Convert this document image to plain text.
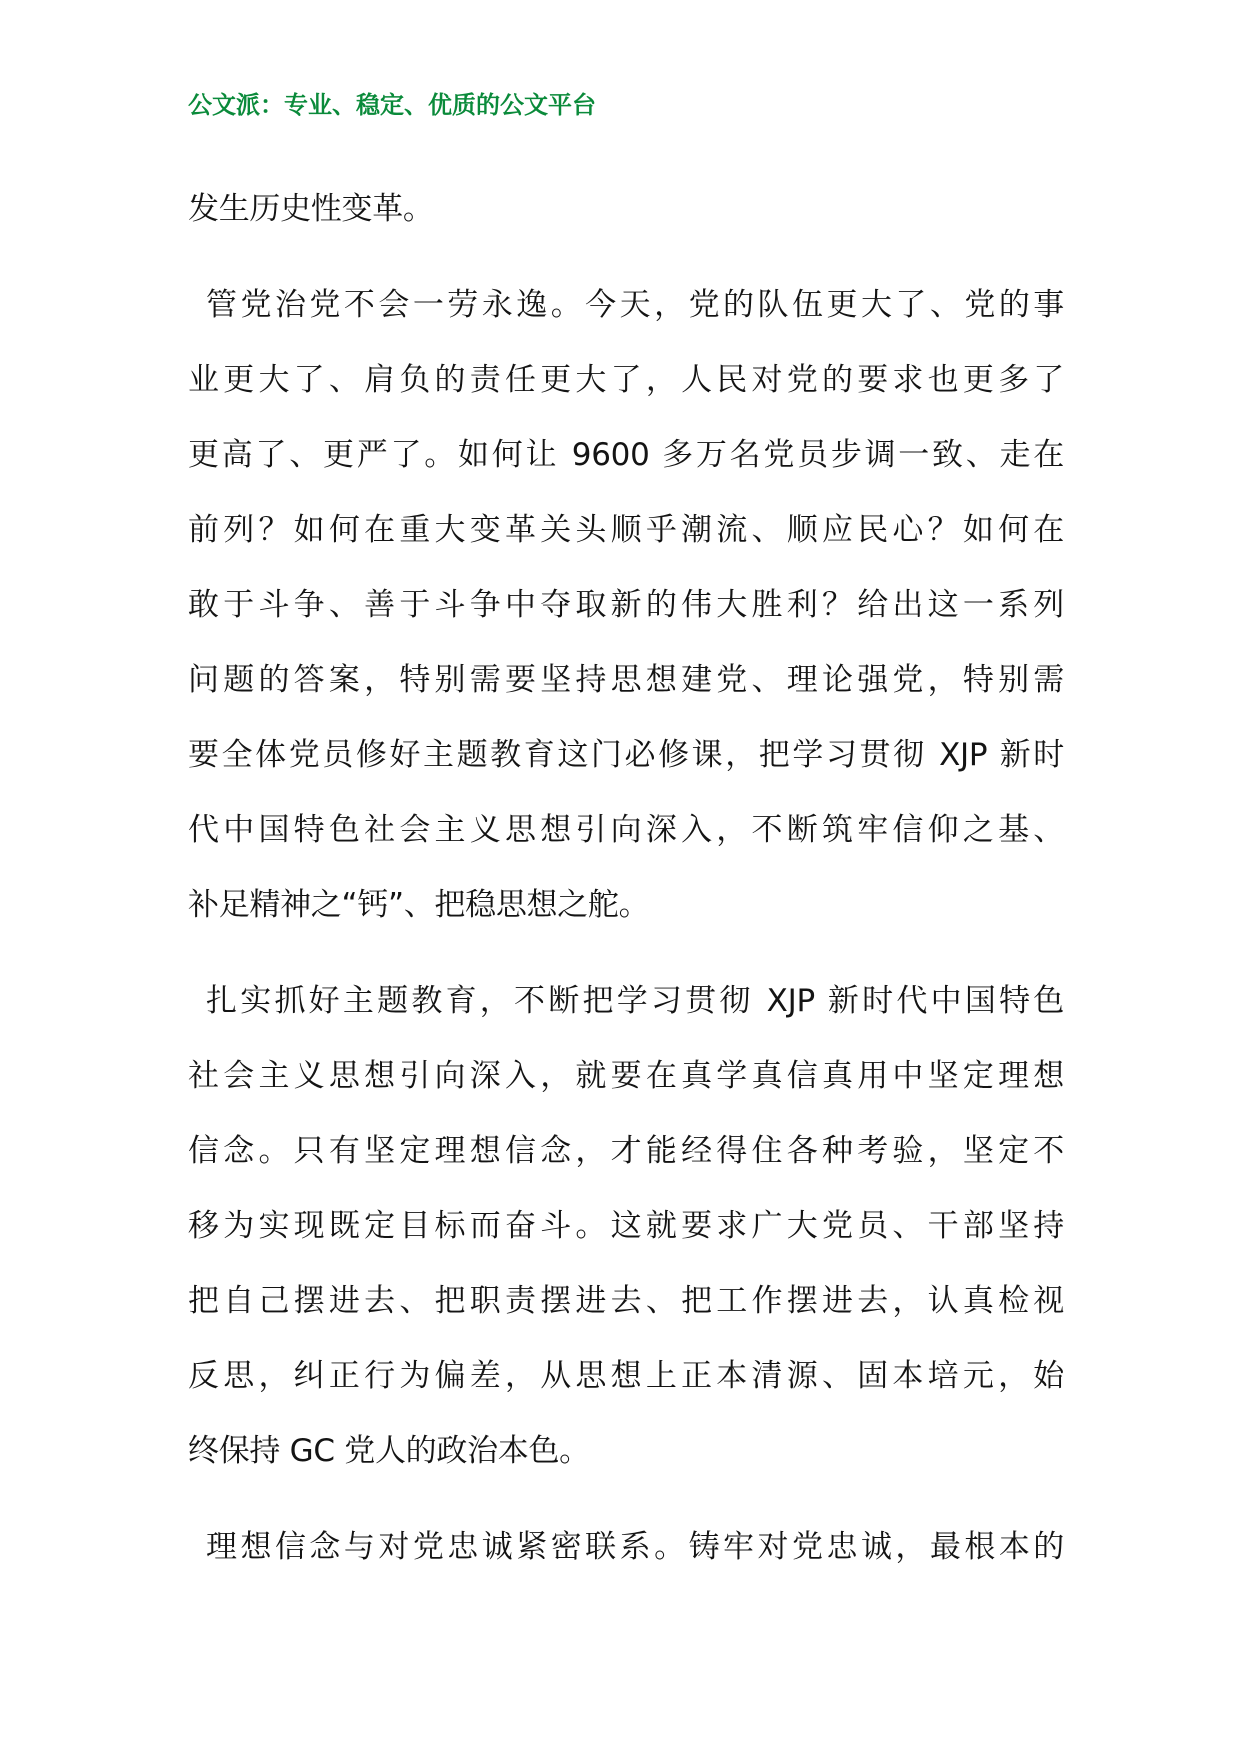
公文派：专业、稳定、优质的公文平台

发生历史性变革。

管党治党不会一劳永逸。今天，党的队伍更大了、党的事
业更大了、肩负的责任更大了，人民对党的要求也更多了
更高了、更严了。如何让 9600 多万名党员步调一致、走在
前列？如何在重大变革关头顺乎潮流、顺应民心？如何在
敢于斗争、善于斗争中夺取新的伟大胜利？给出这一系列
问题的答案，特别需要坚持思想建党、理论强党，特别需
要全体党员修好主题教育这门必修课，把学习贯彻 XJP 新时
代中国特色社会主义思想引向深入，不断筑牢信仰之基、
补足精神之“钙”、把稳思想之舵。

扎实抓好主题教育，不断把学习贯彻 XJP 新时代中国特色
社会主义思想引向深入，就要在真学真信真用中坚定理想
信念。只有坚定理想信念，才能经得住各种考验，坚定不
移为实现既定目标而奋斗。这就要求广大党员、干部坚持
把自己摆进去、把职责摆进去、把工作摆进去，认真检视
反思，纠正行为偏差，从思想上正本清源、固本培元，始
终保持 GC 党人的政治本色。

理想信念与对党忠诚紧密联系。铸牢对党忠诚，最根本的
